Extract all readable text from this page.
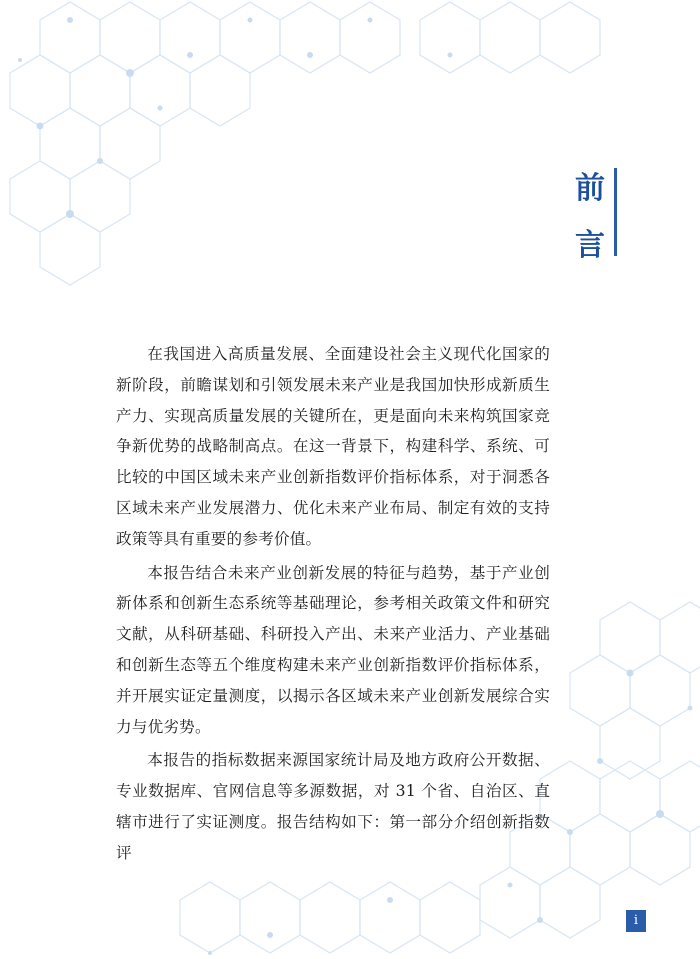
前
言

在我国进入高质量发展、全面建设社会主义现代化国家的新阶段，前瞻谋划和引领发展未来产业是我国加快形成新质生产力、实现高质量发展的关键所在，更是面向未来构筑国家竞争新优势的战略制高点。在这一背景下，构建科学、系统、可比较的中国区域未来产业创新指数评价指标体系，对于洞悉各区域未来产业发展潜力、优化未来产业布局、制定有效的支持政策等具有重要的参考价值。

本报告结合未来产业创新发展的特征与趋势，基于产业创新体系和创新生态系统等基础理论，参考相关政策文件和研究文献，从科研基础、科研投入产出、未来产业活力、产业基础和创新生态等五个维度构建未来产业创新指数评价指标体系，并开展实证定量测度，以揭示各区域未来产业创新发展综合实力与优劣势。

本报告的指标数据来源国家统计局及地方政府公开数据、专业数据库、官网信息等多源数据，对 31 个省、自治区、直辖市进行了实证测度。报告结构如下：第一部分介绍创新指数评

i
